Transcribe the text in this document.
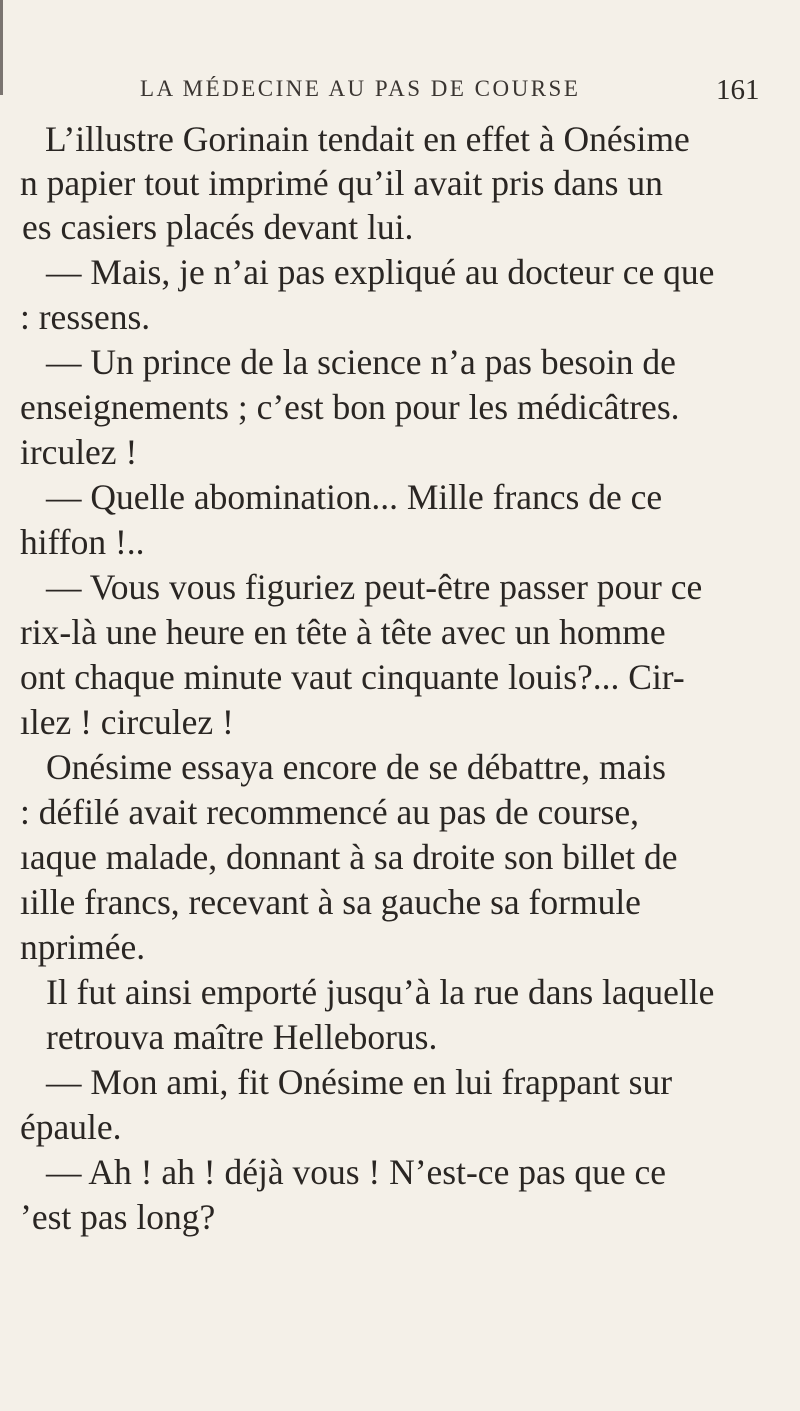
LA MÉDECINE AU PAS DE COURSE	161
L’illustre Gorinain tendait en effet à Onésime
n papier tout imprimé qu’il avait pris dans un
es casiers placés devant lui.
— Mais, je n’ai pas expliqué au docteur ce que
: ressens.
— Un prince de la science n’a pas besoin de
enseignements ; c’est bon pour les médicâtres.
irculez !
— Quelle abomination... Mille francs de ce
hiffon !..
— Vous vous figuriez peut-être passer pour ce
rix-là une heure en tête à tête avec un homme
ont chaque minute vaut cinquante louis?... Cir-
ılez ! circulez !
Onésime essaya encore de se débattre, mais
: défilé avait recommencé au pas de course,
ıaque malade, donnant à sa droite son billet de
ıille francs, recevant à sa gauche sa formule
nprimée.
Il fut ainsi emporté jusqu’à la rue dans laquelle
retrouva maître Helleborus.
— Mon ami, fit Onésime en lui frappant sur
épaule.
— Ah ! ah ! déjà vous ! N’est-ce pas que ce
’est pas long?
